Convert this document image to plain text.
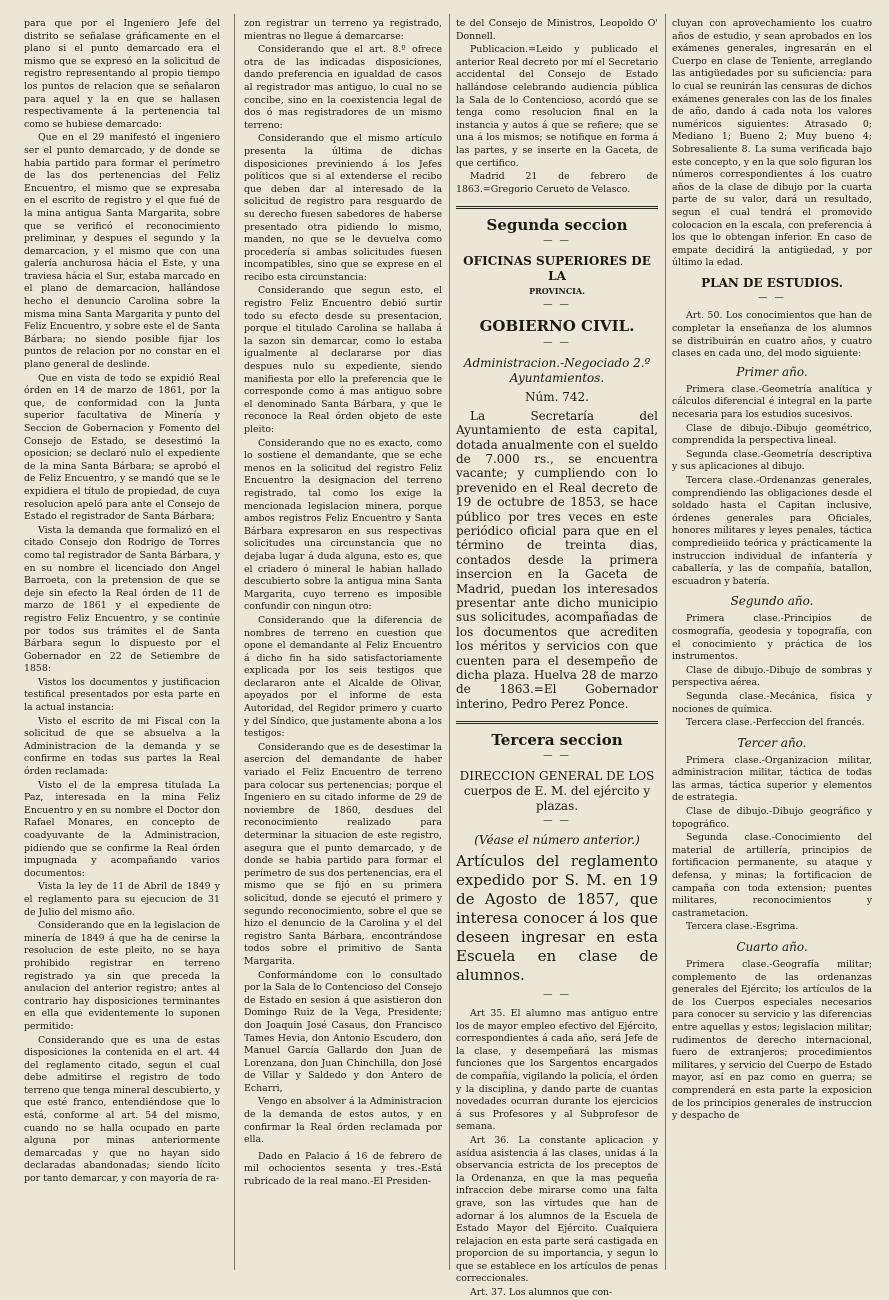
para que por el Ingeniero Jefe del distrito se señalase gráficamente en el plano si el punto demarcado era el mismo que se expresó en la solicitud de registro representando al propio tiempo los puntos de relacion que se señalaron para aquel y la en que se hallasen respectivamente á la pertenencia tal como se hubiese demarcado:

Que en el 29 manifestó el ingeniero ser el punto demarcado, y de donde se había partido para formar el perímetro de las dos pertenencias del Feliz Encuentro, el mismo que se expresaba en el escrito de registro y el que fué de la mina antigua Santa Margarita, sobre que se verificó el reconocimiento preliminar, y despues el segundo y la demarcacion, y el mismo que con una galería anchurosa hácia el Este, y una traviesa hácia el Sur, estaba marcado en el plano de demarcacion, hallándose hecho el denuncio Carolina sobre la misma mina Santa Margarita y punto del Feliz Encuentro, y sobre este el de Santa Bárbara; no siendo posible fijar los puntos de relacion por no constar en el plano general de deslinde.

Que en vista de todo se expidió Real órden en 14 de marzo de 1861, por la que, de conformidad con la Junta superior facultativa de Minería y Seccion de Gobernacion y Fomento del Consejo de Estado, se desestimó la oposicion; se declaró nulo el expediente de la mina Santa Bárbara; se aprobó el de Feliz Encuentro, y se mandó que se le expidiera el título de propiedad, de cuya resolucion apeló para ante el Consejo de Estado el registrador de Santa Bárbara;

Vista la demanda que formalizó en el citado Consejo don Rodrigo de Torres como tal registrador de Santa Bárbara, y en su nombre el licenciado don Angel Barroeta, con la pretension de que se deje sin efecto la Real órden de 11 de marzo de 1861 y el expediente de registro Feliz Encuentro, y se continúe por todos sus trámites el de Santa Bárbara segun lo dispuesto por el Gobernador en 22 de Setiembre de 1858:

Vistos los documentos y justificacion testifical presentados por esta parte en la actual instancia:

Visto el escrito de mi Fiscal con la solicitud de que se absuelva a la Administracion de la demanda y se confirme en todas sus partes la Real órden reclamada:

Visto el de la empresa titulada La Paz, interesada en la mina Feliz Encuentro y en su nombre el Doctor don Rafael Monares, en concepto de coadyuvante de la Administracion, pidiendo que se confirme la Real órden impugnada y acompañando varios documentos:

Vista la ley de 11 de Abril de 1849 y el reglamento para su ejecucion de 31 de Julio del mismo año.

Considerando que en la legislacion de minería de 1849 á que ha de cenirse la resolucion de este pleito, no se haya prohibido registrar en terreno registrado ya sin que preceda la anulacion del anterior registro; antes al contrario hay disposiciones terminantes en ella que evidentemente lo suponen permitido:

Considerando que es una de estas disposiciones la contenida en el art. 44 del reglamento citado, segun el cual debe admitirse el registro de todo terreno que tenga mineral descubierto, y que esté franco, entendiéndose que lo está, conforme al art. 54 del mismo, cuando no se halla ocupado en parte alguna por minas anteriormente demarcadas y que no hayan sido declaradas abandonadas; siendo lícito por tanto demarcar, y con mayoría de ra-

zon registrar un terreno ya registrado, mientras no llegue á demarcarse:

Considerando que el art. 8.º ofrece otra de las indicadas disposiciones, dando preferencia en igualdad de casos al registrador mas antiguo, lo cual no se concibe, sino en la coexistencia legal de dos ó mas registradores de un mismo terreno:

Considerando que el mismo artículo presenta la última de dichas disposiciones previniendo á los Jefes políticos que si al extenderse el recibo que deben dar al interesado de la solicitud de registro para resguardo de su derecho fuesen sabedores de haberse presentado otra pidiendo lo mismo, manden, no que se le devuelva como procedería si ambas solicitudes fuesen incompatibles, sino que se exprese en el recibo esta circunstancia:

Considerando que segun esto, el registro Feliz Encuentro debió surtir todo su efecto desde su presentacion, porque el titulado Carolina se hallaba á la sazon sin demarcar, como lo estaba igualmente al declararse por dias despues nulo su expediente, siendo manifiesta por ello la preferencia que le corresponde como á mas antiguo sobre el denominado Santa Bárbara, y que le reconoce la Real órden objeto de este pleito:

Considerando que no es exacto, como lo sostiene el demandante, que se eche menos en la solicitud del registro Feliz Encuentro la designacion del terreno registrado, tal como los exige la mencionada legislacion minera, porque ambos registros Feliz Encuentro y Santa Bárbara expresaron en sus respectivas solicitudes una circunstancia que no dejaba lugar á duda alguna, esto es, que el criadero ó mineral le habian hallado descubierto sobre la antigua mina Santa Margarita, cuyo terreno es imposible confundir con ningun otro:

Considerando que la diferencia de nombres de terreno en cuestion que opone el demandante al Feliz Encuentro á dicho fin ha sido satisfactoriamente explicada por los seis testigos que declararon ante el Alcalde de Olivar, apoyados por el informe de esta Autoridad, del Regidor primero y cuarto y del Síndico, que justamente abona a los testigos:

Considerando que es de desestimar la asercion del demandante de haber variado el Feliz Encuentro de terreno para colocar sus pertenencias; porque el Ingeniero en su citado informe de 29 de noviembre de 1860, desdues del reconocimiento realizado para determinar la situacion de este registro, asegura que el punto demarcado, y de donde se habia partido para formar el perímetro de sus dos pertenencias, era el mismo que se fijó en su primera solicitud, donde se ejecutó el primero y segundo reconocimiento, sobre el que se hizo el denuncio de la Carolina y el del registro Santa Bárbara, encontrándose todos sobre el primitivo de Santa Margarita.

Conformándome con lo consultado por la Sala de lo Contencioso del Consejo de Estado en sesion á que asistieron don Domingo Ruiz de la Vega, Presidente; don Joaquin José Casaus, don Francisco Tames Hevia, don Antonio Escudero, don Manuel García Gallardo don Juan de Lorenzana, don Juan Chinchilla, don José de Villar y Saldedo y don Antero de Echarri,

Vengo en absolver á la Administracion de la demanda de estos autos, y en confirmar la Real órden reclamada por ella.

Dado en Palacio á 16 de febrero de mil ochocientos sesenta y tres.-Está rubricado de la real mano.-El Presiden-

te del Consejo de Ministros, Leopoldo O' Donnell.

Publicacion.=Leido y publicado el anterior Real decreto por mí el Secretario accidental del Consejo de Estado hallándose celebrando audiencia pública la Sala de lo Contencioso, acordó que se tenga como resolucion final en la instancia y autos á que se refiere; que se una á los mismos; se notifique en forma á las partes, y se inserte en la Gaceta, de que certifico.

Madrid 21 de febrero de 1863.=Gregorio Cerueto de Velasco.

Segunda seccion
— —

OFICINAS SUPERIORES DE LA

PROVINCIA.

— —

GOBIERNO CIVIL.

— —

Administracion.-Negociado 2.º Ayuntamientos.

Núm. 742.

La Secretaría del Ayuntamiento de esta capital, dotada anualmente con el sueldo de 7.000 rs., se encuentra vacante; y cumpliendo con lo prevenido en el Real decreto de 19 de octubre de 1853, se hace público por tres veces en este periódico oficial para que en el término de treinta dias, contados desde la primera insercion en la Gaceta de Madrid, puedan los interesados presentar ante dicho municipio sus solicitudes, acompañadas de los documentos que acrediten los méritos y servicios con que cuenten para el desempeño de dicha plaza. Huelva 28 de marzo de 1863.=El Gobernador interino, Pedro Perez Ponce.

Tercera seccion
— —

DIRECCION GENERAL DE LOS cuerpos de E. M. del ejército y plazas.

— —

(Véase el número anterior.)

Artículos del reglamento expedido por S. M. en 19 de Agosto de 1857, que interesa conocer á los que deseen ingresar en esta Escuela en clase de alumnos.

— —

Art 35. El alumno mas antiguo entre los de mayor empleo efectivo del Ejército, correspondientes á cada año, será Jefe de la clase, y desempeñará las mismas funciones que los Sargentos encargados de compañía, vigilando la policía, el órden y la disciplina, y dando parte de cuantas novedades ocurran durante los ejercicios á sus Profesores y al Subprofesor de semana.

Art 36. La constante aplicacion y asídua asistencia á las clases, unidas á la observancia estricta de los preceptos de la Ordenanza, en que la mas pequeña infraccion debe mirarse como una falta grave, son las virtudes que han de adornar á los alumnos de la Escuela de Estado Mayor del Ejército. Cualquiera relajacion en esta parte será castigada en proporcion de su importancia, y segun lo que se establece en los artículos de penas correccionales.

Art. 37. Los alumnos que con-

cluyan con aprovechamiento los cuatro años de estudio, y sean aprobados en los exámenes generales, ingresarán en el Cuerpo en clase de Teniente, arreglando las antigüedades por su suficiencia: para lo cual se reunirán las censuras de dichos exámenes generales con las de los finales de año, dando á cada nota los valores numéricos siguientes: Atrasado 0; Mediano 1; Bueno 2; Muy bueno 4; Sobresaliente 8. La suma verificada bajo este concepto, y en la que solo figuran los números correspondientes á los cuatro años de la clase de dibujo por la cuarta parte de su valor, dará un resultado, segun el cual tendrá el promovido colocacion en la escala, con preferencia á los que lo obtengan inferior. En caso de empate decidirá la antigüedad, y por último la edad.

PLAN DE ESTUDIOS.

— —

Art. 50. Los conocimientos que han de completar la enseñanza de los alumnos se distribuirán en cuatro años, y cuatro clases en cada uno, del modo siguiente:

Primer año.

Primera clase.-Geometría analítica y cálculos diferencial é integral en la parte necesaria para los estudios sucesivos.

Clase de dibujo.-Dibujo geométrico, comprendida la perspectiva lineal.

Segunda clase.-Geometría descriptiva y sus aplicaciones al dibujo.

Tercera clase.-Ordenanzas generales, comprendiendo las obligaciones desde el soldado hasta el Capitan inclusive, órdenes generales para Oficiales, honores militares y leyes penales, táctica compredieiido teórica y prácticamente la instruccion individual de infantería y caballería, y las de compañía, batallon, escuadron y batería.

Segundo año.

Primera clase.-Principios de cosmografía, geodesia y topografía, con el conocimiento y práctica de los instrumentos.

Clase de dibujo.-Dibujo de sombras y perspectiva aérea.

Segunda clase.-Mecánica, física y nociones de química.

Tercera clase.-Perfeccion del francés.

Tercer año.

Primera clase.-Organizacion militar, administracion militar, táctica de todas las armas, táctica superior y elementos de estrategia.

Clase de dibujo.-Dibujo geográfico y topográfico.

Segunda clase.-Conocimiento del material de artillería, principios de fortificacion permanente, su ataque y defensa, y minas; la fortificacion de campaña con toda extension; puentes militares, reconocimientos y castrametacion.

Tercera clase.-Esgrima.

Cuarto año.

Primera clase.-Geografía militar; complemento de las ordenanzas generales del Ejército; los artículos de la de los Cuerpos especiales necesarios para conocer su servicio y las diferencias entre aquellas y estos; legislacion militar; rudimentos de derecho internacional, fuero de extranjeros; procedimientos militares, y servicio del Cuerpo de Estado mayor, así en paz como en guerra; se comprenderá en esta parte la exposicion de los principios generales de instruccion y despacho de
